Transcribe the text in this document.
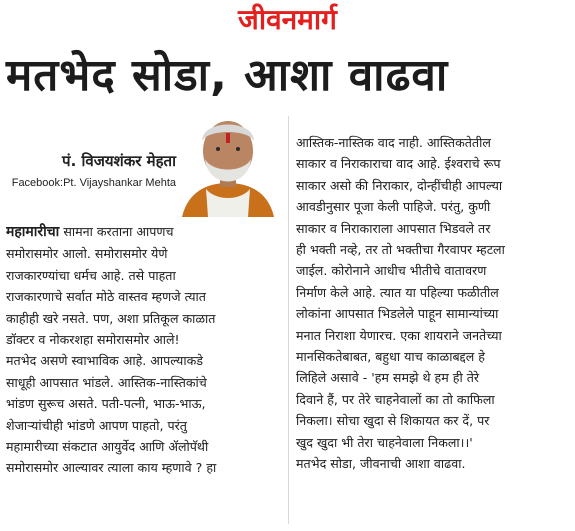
जीवनमार्ग
मतभेद सोडा, आशा वाढवा
पं. विजयशंकर मेहता
Facebook:Pt. Vijayshankar Mehta
महामारीचा सामना करताना आपणच
समोरासमोर आलो. समोरासमोर येणे
राजकारण्यांचा धर्मच आहे. तसे पाहता
राजकारणाचे सर्वात मोठे वास्तव म्हणजे त्यात
काहीही खरे नसते. पण, अशा प्रतिकूल काळात
डॉक्टर व नोकरशहा समोरासमोर आले!
मतभेद असणे स्वाभाविक आहे. आपल्याकडे
साधूही आपसात भांडले. आस्तिक-नास्तिकांचे
भांडण सुरूच असते. पती-पत्नी, भाऊ-भाऊ,
शेजाऱ्यांचीही भांडणे आपण पाहतो, परंतु
महामारीच्या संकटात आयुर्वेद आणि ॲलोपॅथी
समोरासमोर आल्यावर त्याला काय म्हणावे ? हा
आस्तिक-नास्तिक वाद नाही. आस्तिकतेतील
साकार व निराकाराचा वाद आहे. ईश्वराचे रूप
साकार असो की निराकार, दोन्हींचीही आपल्या
आवडीनुसार पूजा केली पाहिजे. परंतु, कुणी
साकार व निराकाराला आपसात भिडवले तर
ही भक्ती नव्हे, तर तो भक्तीचा गैरवापर म्हटला
जाईल. कोरोनाने आधीच भीतीचे वातावरण
निर्माण केले आहे. त्यात या पहिल्या फळीतील
लोकांना आपसात भिडलेले पाहून सामान्यांच्या
मनात निराशा येणारच. एका शायराने जनतेच्या
मानसिकतेबाबत, बहुधा याच काळाबद्दल हे
लिहिले असावे - 'हम समझे थे हम ही तेरे
दिवाने हैं, पर तेरे चाहनेवालों का तो काफिला
निकला। सोचा खुदा से शिकायत कर दें, पर
खुद खुदा भी तेरा चाहनेवाला निकला।।'
मतभेद सोडा, जीवनाची आशा वाढवा.
